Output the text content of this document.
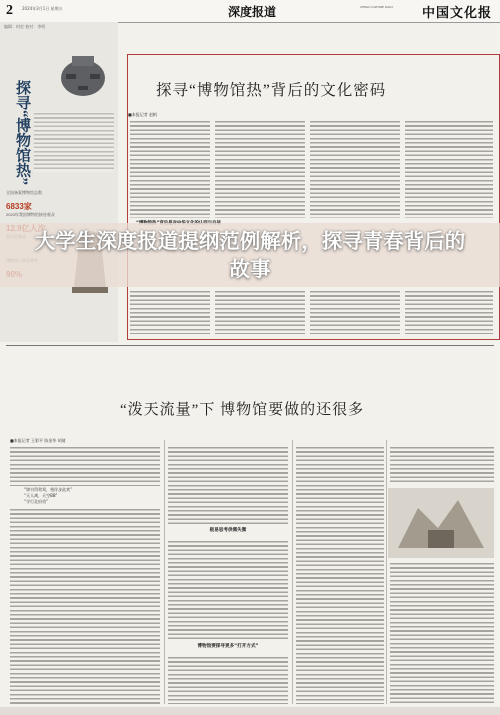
2 2024年3月1日 星期五	深度报道	CHINA CULTURE DAILY	中国文化报
编辑：何宏 校对：李明
探寻“博物馆热”
全国备案博物馆总数
6833家
2023年我国博物馆接待观众
探寻“博物馆热”背后的文化密码
■本报记者 赵帆
大学生深度报道提纲范例解析，探寻青春背后的故事
“泼天流量”下 博物馆要做的还很多
■本报记者 王彩平 陈金华 胡倩
“锦书得鸳鸯，相伴步此欢”
“天人离，天空BB”
“学行北府贵”
极易思考供需失衡
博物馆要探寻更多“打开方式”
